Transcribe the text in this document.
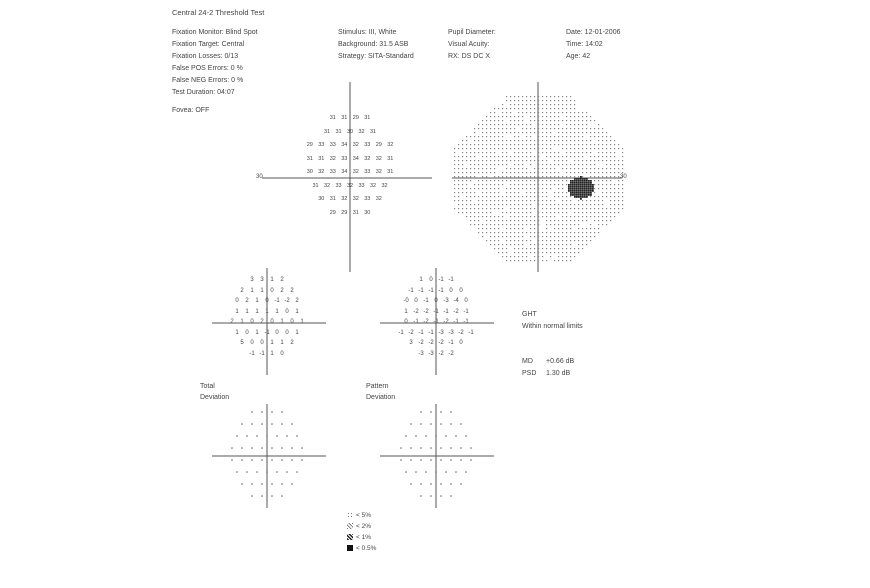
Central 24-2 Threshold Test
Fixation Monitor: Blind Spot
Fixation Target: Central
Fixation Losses: 0/13
False POS Errors: 0 %
False NEG Errors: 0 %
Test Duration: 04:07
Stimulus: III, White
Background: 31.5 ASB
Strategy: SITA-Standard
Pupil Diameter:
Visual Acuity:
RX: DS DC X
Date: 12-01-2006
Time: 14:02
Age: 42
Fovea: OFF
30	30
31 31 29 31
31 31 30 32 31
29 33 33 34 32 33 29 32
31 31 32 33 34 32 32 31
30 32 33 34 32 33 32 31
31 32 33 32 33 32 32
30 31 32 32 33 32
29 29 31 30
3	3	1	2
2	1	1	0	2	2
0	2	1	0 -1 -2 2
1	1	1	1	1	0	1
2	1	0	2	0	1	0	1
1	0	1 -1 0	0	1
5	0	0	1	1	2
-1 -1 1	0
1	0 -1 -1
-1 -1 -1 -1 0	0
-0 0 -1 0 -3 -4 0
1 -2 -2 -1 -1 -2 -1
0 -1 -2 -1 -2 -1 -1
-1 -2 -1 -1 -3 -3 -2 -1
3 -2 -2 -2 -1 0
-3 -3 -2 -2
GHT
Within normal limits
MD +0.66 dB
PSD 1.30 dB
Total
Deviation
Pattern
Deviation
< 5%
< 2%
< 1%
< 0.5%
